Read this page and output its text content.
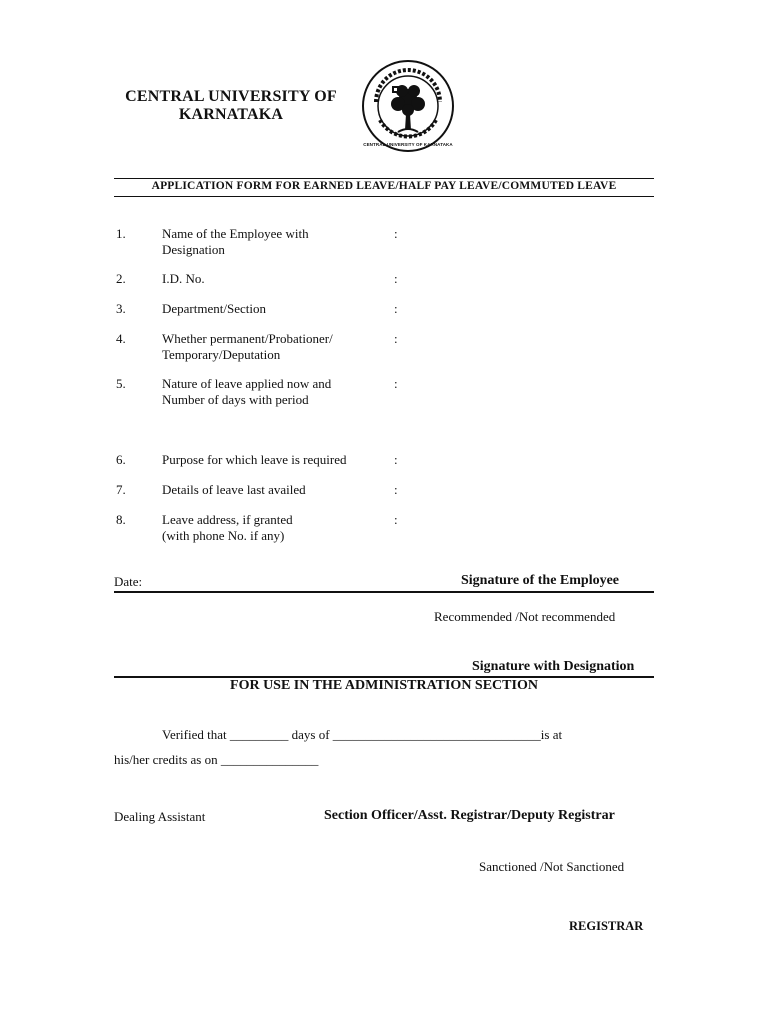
CENTRAL UNIVERSITY OF
KARNATAKA
CENTRAL UNIVERSITY OF KARNATAKA
APPLICATION FORM FOR EARNED LEAVE/HALF PAY LEAVE/COMMUTED LEAVE
1.	Name of the Employee with
Designation
:
2.	I.D. No.	:
3.	Department/Section	:
4.	Whether permanent/Probationer/
Temporary/Deputation
:
5.	Nature of leave applied now and
Number of days with period
:
6.	Purpose for which leave is required	:
7.	Details of leave last availed	:
8.	Leave address, if granted
(with phone No. if any)
:
Date:	Signature of the Employee
Recommended /Not recommended
Signature with Designation
FOR USE IN THE ADMINISTRATION SECTION
Verified that _________ days of ________________________________is at
his/her credits as on _______________
Dealing Assistant	Section Officer/Asst. Registrar/Deputy Registrar
Sanctioned /Not Sanctioned
REGISTRAR
